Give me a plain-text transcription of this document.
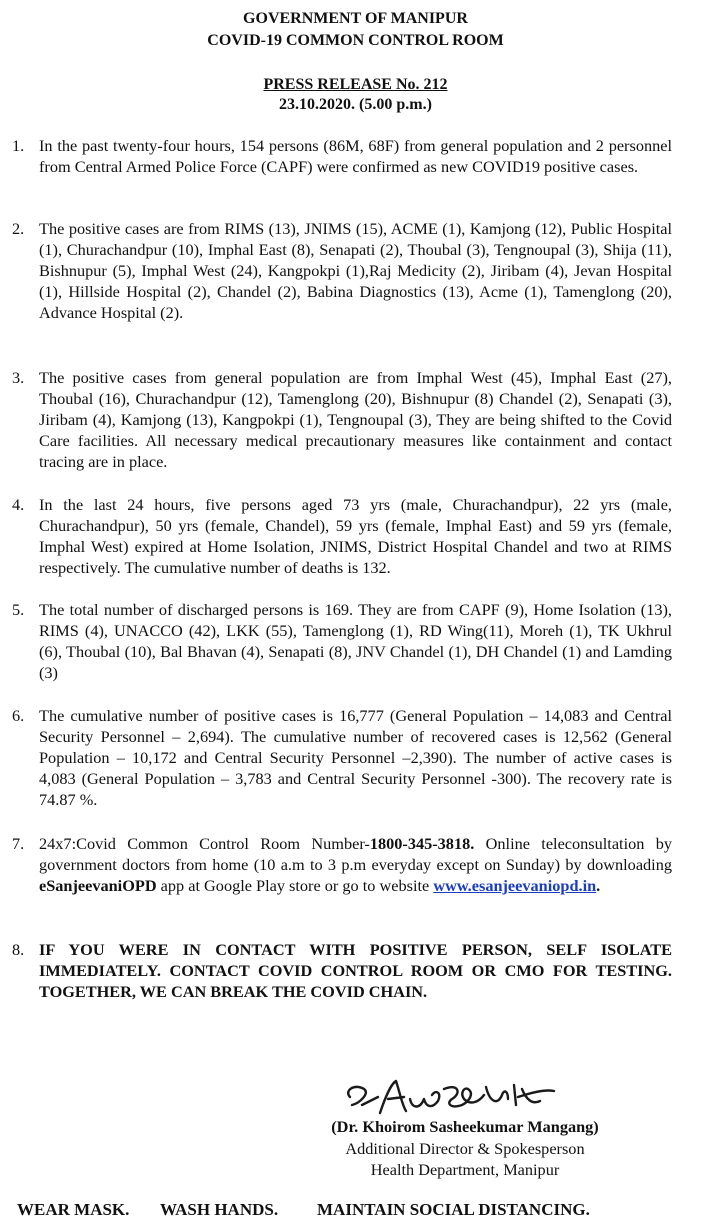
GOVERNMENT OF MANIPUR
COVID-19 COMMON CONTROL ROOM
PRESS RELEASE No. 212
23.10.2020. (5.00 p.m.)
1. In the past twenty-four hours, 154 persons (86M, 68F) from general population and 2 personnel from Central Armed Police Force (CAPF) were confirmed as new COVID19 positive cases.
2. The positive cases are from RIMS (13), JNIMS (15), ACME (1), Kamjong (12), Public Hospital (1), Churachandpur (10), Imphal East (8), Senapati (2), Thoubal (3), Tengnoupal (3), Shija (11), Bishnupur (5), Imphal West (24), Kangpokpi (1),Raj Medicity (2), Jiribam (4), Jevan Hospital (1), Hillside Hospital (2), Chandel (2), Babina Diagnostics (13), Acme (1), Tamenglong (20), Advance Hospital (2).
3. The positive cases from general population are from Imphal West (45), Imphal East (27), Thoubal (16), Churachandpur (12), Tamenglong (20), Bishnupur (8) Chandel (2), Senapati (3), Jiribam (4), Kamjong (13), Kangpokpi (1), Tengnoupal (3), They are being shifted to the Covid Care facilities. All necessary medical precautionary measures like containment and contact tracing are in place.
4. In the last 24 hours, five persons aged 73 yrs (male, Churachandpur), 22 yrs (male, Churachandpur), 50 yrs (female, Chandel), 59 yrs (female, Imphal East) and 59 yrs (female, Imphal West) expired at Home Isolation, JNIMS, District Hospital Chandel and two at RIMS respectively. The cumulative number of deaths is 132.
5. The total number of discharged persons is 169. They are from CAPF (9), Home Isolation (13), RIMS (4), UNACCO (42), LKK (55), Tamenglong (1), RD Wing(11), Moreh (1), TK Ukhrul (6), Thoubal (10), Bal Bhavan (4), Senapati (8), JNV Chandel (1), DH Chandel (1) and Lamding (3)
6. The cumulative number of positive cases is 16,777 (General Population – 14,083 and Central Security Personnel – 2,694). The cumulative number of recovered cases is 12,562 (General Population – 10,172 and Central Security Personnel –2,390). The number of active cases is 4,083 (General Population – 3,783 and Central Security Personnel -300). The recovery rate is 74.87 %.
7. 24x7:Covid Common Control Room Number-1800-345-3818. Online teleconsultation by government doctors from home (10 a.m to 3 p.m everyday except on Sunday) by downloading eSanjeevaniOPD app at Google Play store or go to website www.esanjeevaniopd.in.
8. IF YOU WERE IN CONTACT WITH POSITIVE PERSON, SELF ISOLATE IMMEDIATELY. CONTACT COVID CONTROL ROOM OR CMO FOR TESTING. TOGETHER, WE CAN BREAK THE COVID CHAIN.
(Dr. Khoirom Sasheekumar Mangang)
Additional Director & Spokesperson
Health Department, Manipur
WEAR MASK. WASH HANDS. MAINTAIN SOCIAL DISTANCING.
